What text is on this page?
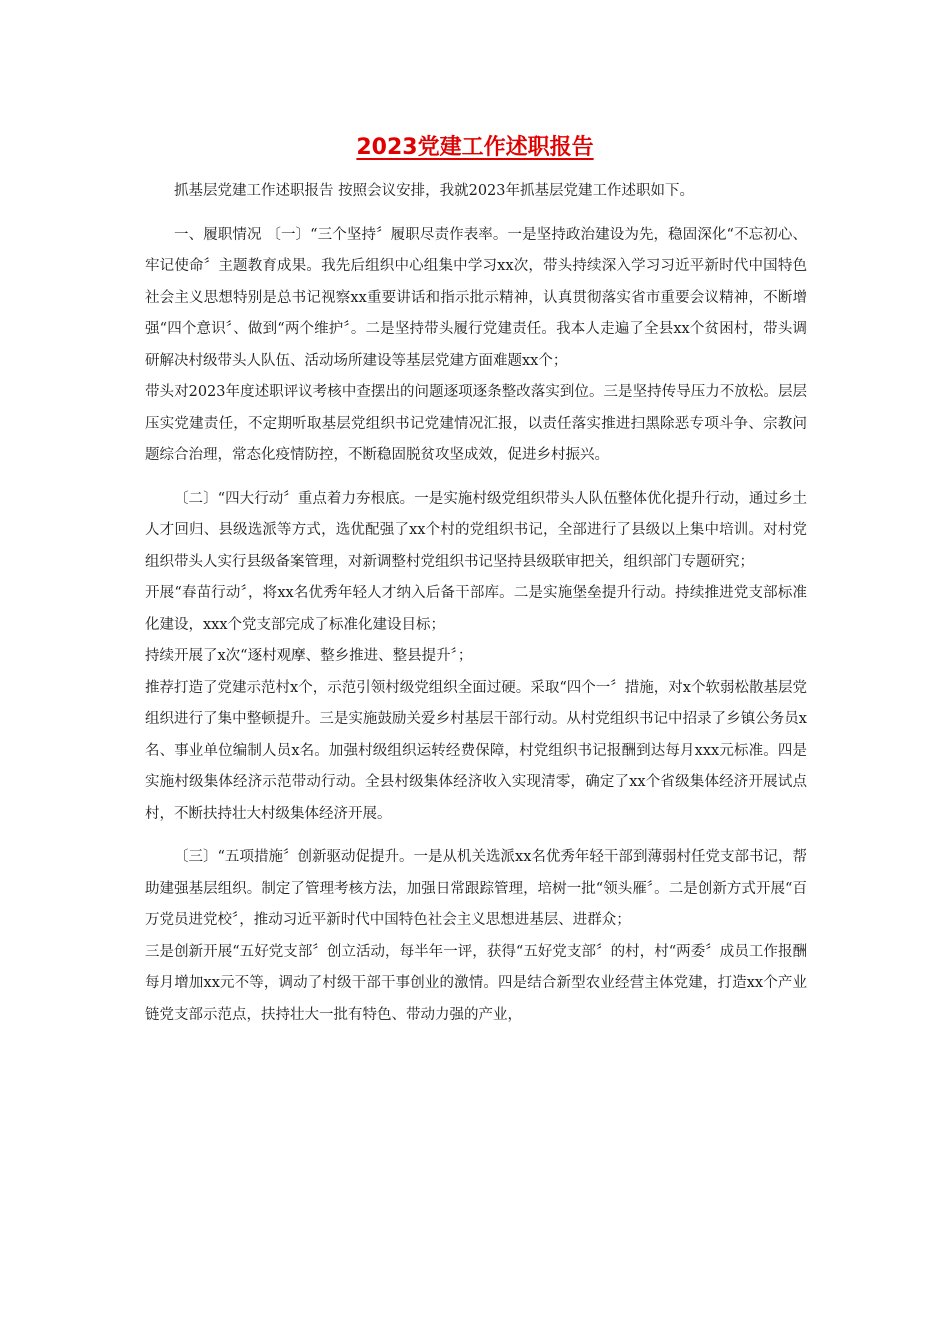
2023党建工作述职报告

抓基层党建工作述职报告 按照会议安排，我就2023年抓基层党建工作述职如下。

一、履职情况 〔一〕“三个坚持〞履职尽责作表率。一是坚持政治建设为先，稳固深化“不忘初心、牢记使命〞主题教育成果。我先后组织中心组集中学习xx次，带头持续深入学习习近平新时代中国特色社会主义思想特别是总书记视察xx重要讲话和指示批示精神，认真贯彻落实省市重要会议精神，不断增强“四个意识〞、做到“两个维护〞。二是坚持带头履行党建责任。我本人走遍了全县xx个贫困村，带头调研解决村级带头人队伍、活动场所建设等基层党建方面难题xx个；

带头对2023年度述职评议考核中查摆出的问题逐项逐条整改落实到位。三是坚持传导压力不放松。层层压实党建责任，不定期听取基层党组织书记党建情况汇报，以责任落实推进扫黑除恶专项斗争、宗教问题综合治理，常态化疫情防控，不断稳固脱贫攻坚成效，促进乡村振兴。

〔二〕“四大行动〞重点着力夯根底。一是实施村级党组织带头人队伍整体优化提升行动，通过乡土人才回归、县级选派等方式，选优配强了xx个村的党组织书记，全部进行了县级以上集中培训。对村党组织带头人实行县级备案管理，对新调整村党组织书记坚持县级联审把关，组织部门专题研究；

开展“春苗行动〞，将xx名优秀年轻人才纳入后备干部库。二是实施堡垒提升行动。持续推进党支部标准化建设，xxx个党支部完成了标准化建设目标；

持续开展了x次“逐村观摩、整乡推进、整县提升〞；

推荐打造了党建示范村x个，示范引领村级党组织全面过硬。采取“四个一〞措施，对x个软弱松散基层党组织进行了集中整顿提升。三是实施鼓励关爱乡村基层干部行动。从村党组织书记中招录了乡镇公务员x名、事业单位编制人员x名。加强村级组织运转经费保障，村党组织书记报酬到达每月xxx元标准。四是实施村级集体经济示范带动行动。全县村级集体经济收入实现清零，确定了xx个省级集体经济开展试点村，不断扶持壮大村级集体经济开展。

〔三〕“五项措施〞创新驱动促提升。一是从机关选派xx名优秀年轻干部到薄弱村任党支部书记，帮助建强基层组织。制定了管理考核方法，加强日常跟踪管理，培树一批“领头雁〞。二是创新方式开展“百万党员进党校〞，推动习近平新时代中国特色社会主义思想进基层、进群众；

三是创新开展“五好党支部〞创立活动，每半年一评，获得“五好党支部〞的村，村“两委〞成员工作报酬每月增加xx元不等，调动了村级干部干事创业的激情。四是结合新型农业经营主体党建，打造xx个产业链党支部示范点，扶持壮大一批有特色、带动力强的产业，
